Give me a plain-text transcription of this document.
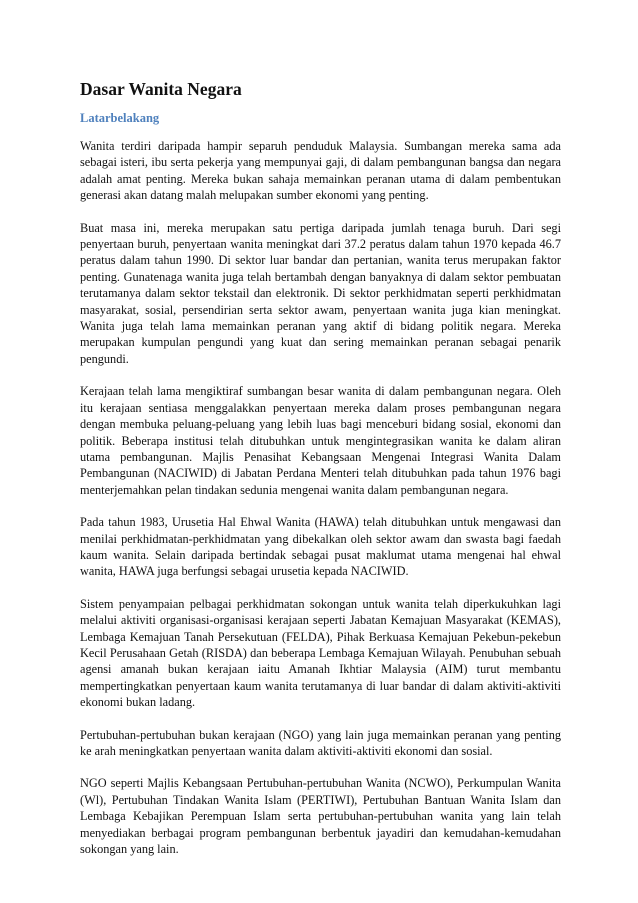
Dasar Wanita Negara
Latarbelakang

Wanita terdiri daripada hampir separuh penduduk Malaysia. Sumbangan mereka sama ada sebagai isteri, ibu serta pekerja yang mempunyai gaji, di dalam pembangunan bangsa dan negara adalah amat penting. Mereka bukan sahaja memainkan peranan utama di dalam pembentukan generasi akan datang malah melupakan sumber ekonomi yang penting.

Buat masa ini, mereka merupakan satu pertiga daripada jumlah tenaga buruh. Dari segi penyertaan buruh, penyertaan wanita meningkat dari 37.2 peratus dalam tahun 1970 kepada 46.7 peratus dalam tahun 1990. Di sektor luar bandar dan pertanian, wanita terus merupakan faktor penting. Gunatenaga wanita juga telah bertambah dengan banyaknya di dalam sektor pembuatan terutamanya dalam sektor tekstail dan elektronik. Di sektor perkhidmatan seperti perkhidmatan masyarakat, sosial, persendirian serta sektor awam, penyertaan wanita juga kian meningkat. Wanita juga telah lama memainkan peranan yang aktif di bidang politik negara. Mereka merupakan kumpulan pengundi yang kuat dan sering memainkan peranan sebagai penarik pengundi.

Kerajaan telah lama mengiktiraf sumbangan besar wanita di dalam pembangunan negara. Oleh itu kerajaan sentiasa menggalakkan penyertaan mereka dalam proses pembangunan negara dengan membuka peluang-peluang yang lebih luas bagi menceburi bidang sosial, ekonomi dan politik. Beberapa institusi telah ditubuhkan untuk mengintegrasikan wanita ke dalam aliran utama pembangunan. Majlis Penasihat Kebangsaan Mengenai Integrasi Wanita Dalam Pembangunan (NACIWID) di Jabatan Perdana Menteri telah ditubuhkan pada tahun 1976 bagi menterjemahkan pelan tindakan sedunia mengenai wanita dalam pembangunan negara.

Pada tahun 1983, Urusetia Hal Ehwal Wanita (HAWA) telah ditubuhkan untuk mengawasi dan menilai perkhidmatan-perkhidmatan yang dibekalkan oleh sektor awam dan swasta bagi faedah kaum wanita. Selain daripada bertindak sebagai pusat maklumat utama mengenai hal ehwal wanita, HAWA juga berfungsi sebagai urusetia kepada NACIWID.

Sistem penyampaian pelbagai perkhidmatan sokongan untuk wanita telah diperkukuhkan lagi melalui aktiviti organisasi-organisasi kerajaan seperti Jabatan Kemajuan Masyarakat (KEMAS), Lembaga Kemajuan Tanah Persekutuan (FELDA), Pihak Berkuasa Kemajuan Pekebun-pekebun Kecil Perusahaan Getah (RISDA) dan beberapa Lembaga Kemajuan Wilayah. Penubuhan sebuah agensi amanah bukan kerajaan iaitu Amanah Ikhtiar Malaysia (AIM) turut membantu mempertingkatkan penyertaan kaum wanita terutamanya di luar bandar di dalam aktiviti-aktiviti ekonomi bukan ladang.

Pertubuhan-pertubuhan bukan kerajaan (NGO) yang lain juga memainkan peranan yang penting ke arah meningkatkan penyertaan wanita dalam aktiviti-aktiviti ekonomi dan sosial.

NGO seperti Majlis Kebangsaan Pertubuhan-pertubuhan Wanita (NCWO), Perkumpulan Wanita (Wl), Pertubuhan Tindakan Wanita Islam (PERTIWI), Pertubuhan Bantuan Wanita Islam dan Lembaga Kebajikan Perempuan Islam serta pertubuhan-pertubuhan wanita yang lain telah menyediakan berbagai program pembangunan berbentuk jayadiri dan kemudahan-kemudahan sokongan yang lain.
